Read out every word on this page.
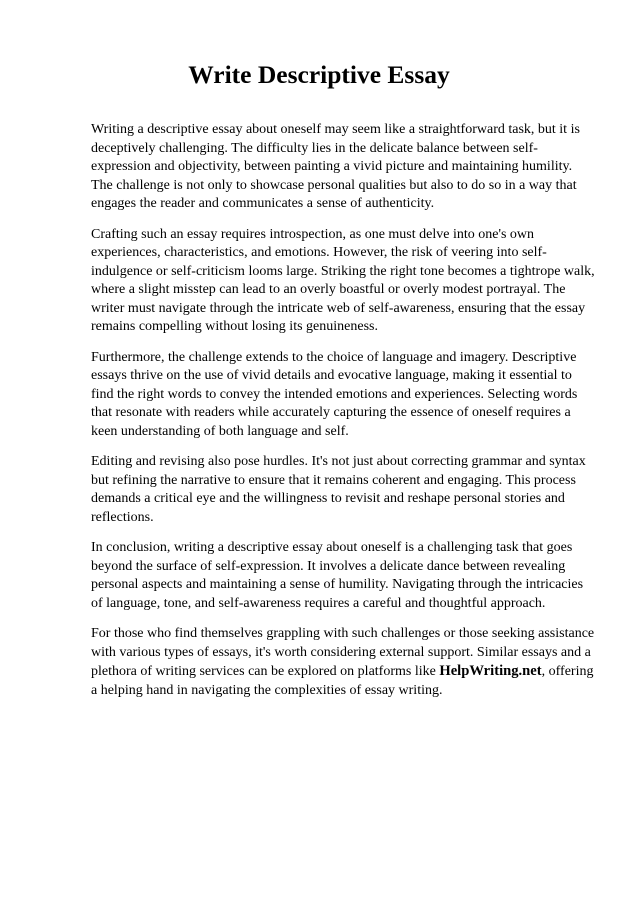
Write Descriptive Essay

Writing a descriptive essay about oneself may seem like a straightforward task, but it is deceptively challenging. The difficulty lies in the delicate balance between self-expression and objectivity, between painting a vivid picture and maintaining humility. The challenge is not only to showcase personal qualities but also to do so in a way that engages the reader and communicates a sense of authenticity.

Crafting such an essay requires introspection, as one must delve into one's own experiences, characteristics, and emotions. However, the risk of veering into self-indulgence or self-criticism looms large. Striking the right tone becomes a tightrope walk, where a slight misstep can lead to an overly boastful or overly modest portrayal. The writer must navigate through the intricate web of self-awareness, ensuring that the essay remains compelling without losing its genuineness.

Furthermore, the challenge extends to the choice of language and imagery. Descriptive essays thrive on the use of vivid details and evocative language, making it essential to find the right words to convey the intended emotions and experiences. Selecting words that resonate with readers while accurately capturing the essence of oneself requires a keen understanding of both language and self.

Editing and revising also pose hurdles. It's not just about correcting grammar and syntax but refining the narrative to ensure that it remains coherent and engaging. This process demands a critical eye and the willingness to revisit and reshape personal stories and reflections.

In conclusion, writing a descriptive essay about oneself is a challenging task that goes beyond the surface of self-expression. It involves a delicate dance between revealing personal aspects and maintaining a sense of humility. Navigating through the intricacies of language, tone, and self-awareness requires a careful and thoughtful approach.

For those who find themselves grappling with such challenges or those seeking assistance with various types of essays, it's worth considering external support. Similar essays and a plethora of writing services can be explored on platforms like HelpWriting.net, offering a helping hand in navigating the complexities of essay writing.
